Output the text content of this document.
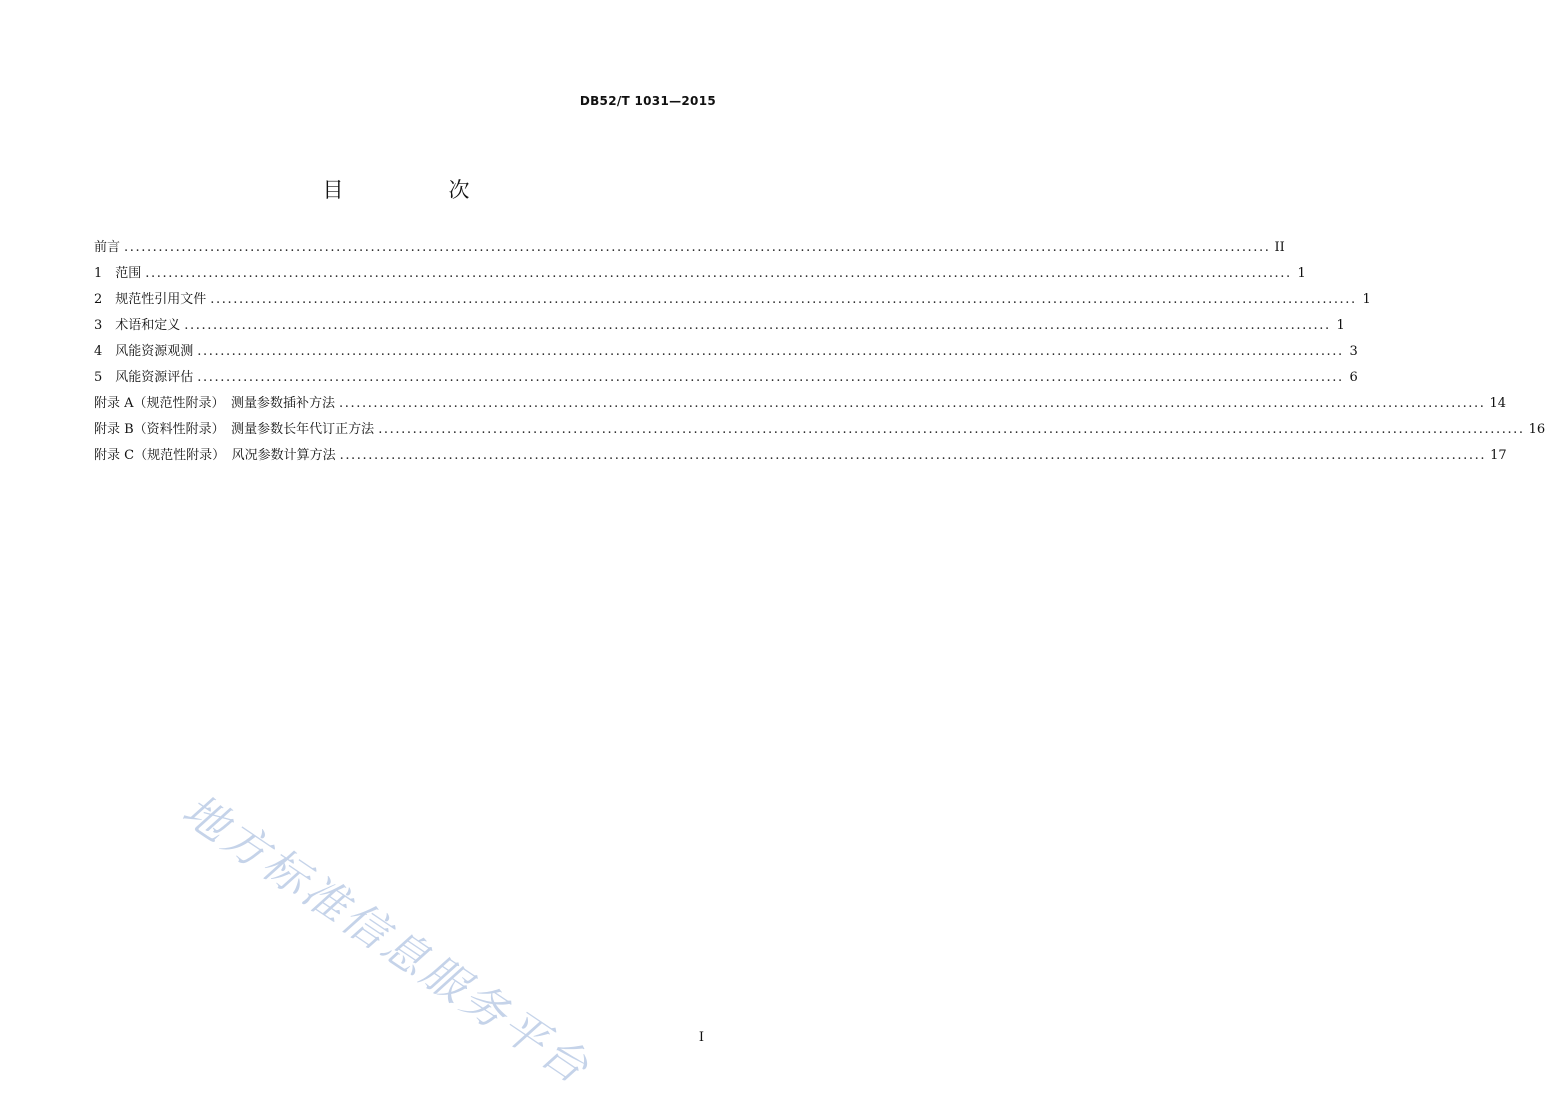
DB52/T 1031—2015
目　次
前言 ........................................................................................................................................................................................................ II
1　范围 ........................................................................................................................................................................................................ 1
2　规范性引用文件 ........................................................................................................................................................................................................ 1
3　术语和定义 ........................................................................................................................................................................................................ 1
4　风能资源观测 ........................................................................................................................................................................................................ 3
5　风能资源评估 ........................................................................................................................................................................................................ 6
附录 A（规范性附录）　测量参数插补方法 ........................................................................................................................................................................................................ 14
附录 B（资料性附录）　测量参数长年代订正方法 ........................................................................................................................................................................................................ 16
附录 C（规范性附录）　风况参数计算方法 ........................................................................................................................................................................................................ 17
地方标准信息服务平台	I
